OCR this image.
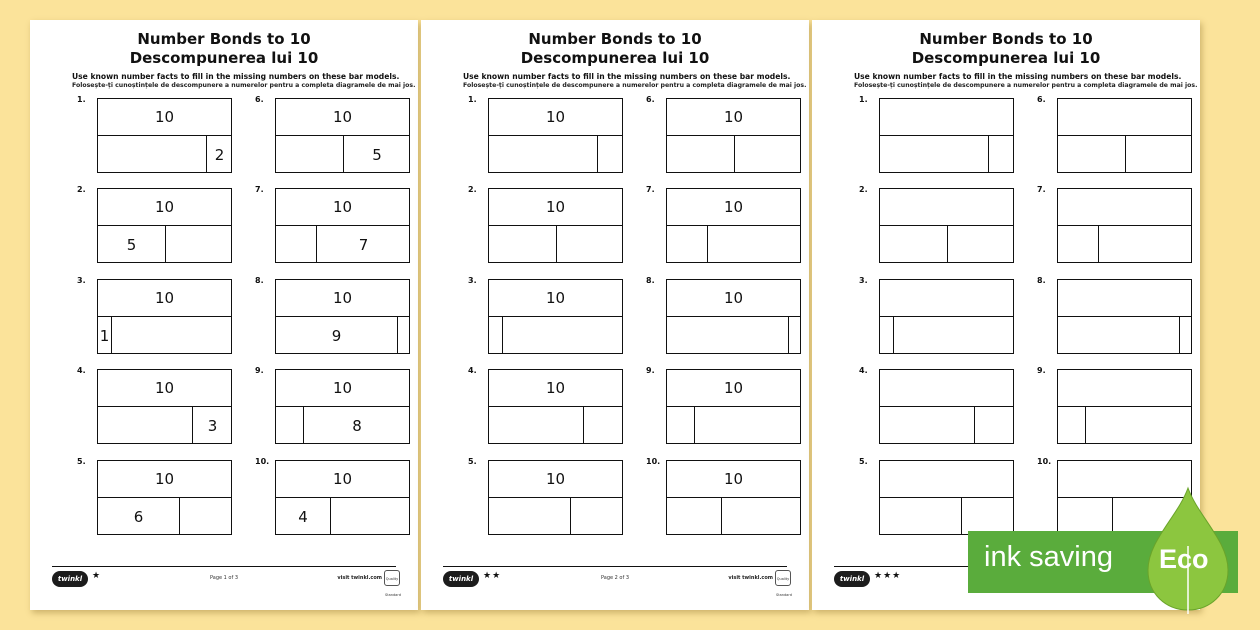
Number Bonds to 10
Descompunerea lui 10
Use known number facts to fill in the missing numbers on these bar models.
Folosește-ți cunoștințele de descompunere a numerelor pentru a completa diagramele de mai jos.
twinkl	★	Page 1 of 3	visit twinkl.com	Quality Standard
1.
10
2
2.
10
5
3.
10
1
4.
10
3
5.
10
6
6.
10
5
7.
10
7
8.
10
9
9.
10
8
10.
10
4
Number Bonds to 10
Descompunerea lui 10
Use known number facts to fill in the missing numbers on these bar models.
Folosește-ți cunoștințele de descompunere a numerelor pentru a completa diagramele de mai jos.
twinkl	★★	Page 2 of 3	visit twinkl.com	Quality Standard
1.
10
2.
10
3.
10
4.
10
5.
10
6.
10
7.
10
8.
10
9.
10
10.
10
Number Bonds to 10
Descompunerea lui 10
Use known number facts to fill in the missing numbers on these bar models.
Folosește-ți cunoștințele de descompunere a numerelor pentru a completa diagramele de mai jos.
twinkl	★★★
1.
2.
3.
4.
5.
6.
7.
8.
9.
10.
ink saving Eco
